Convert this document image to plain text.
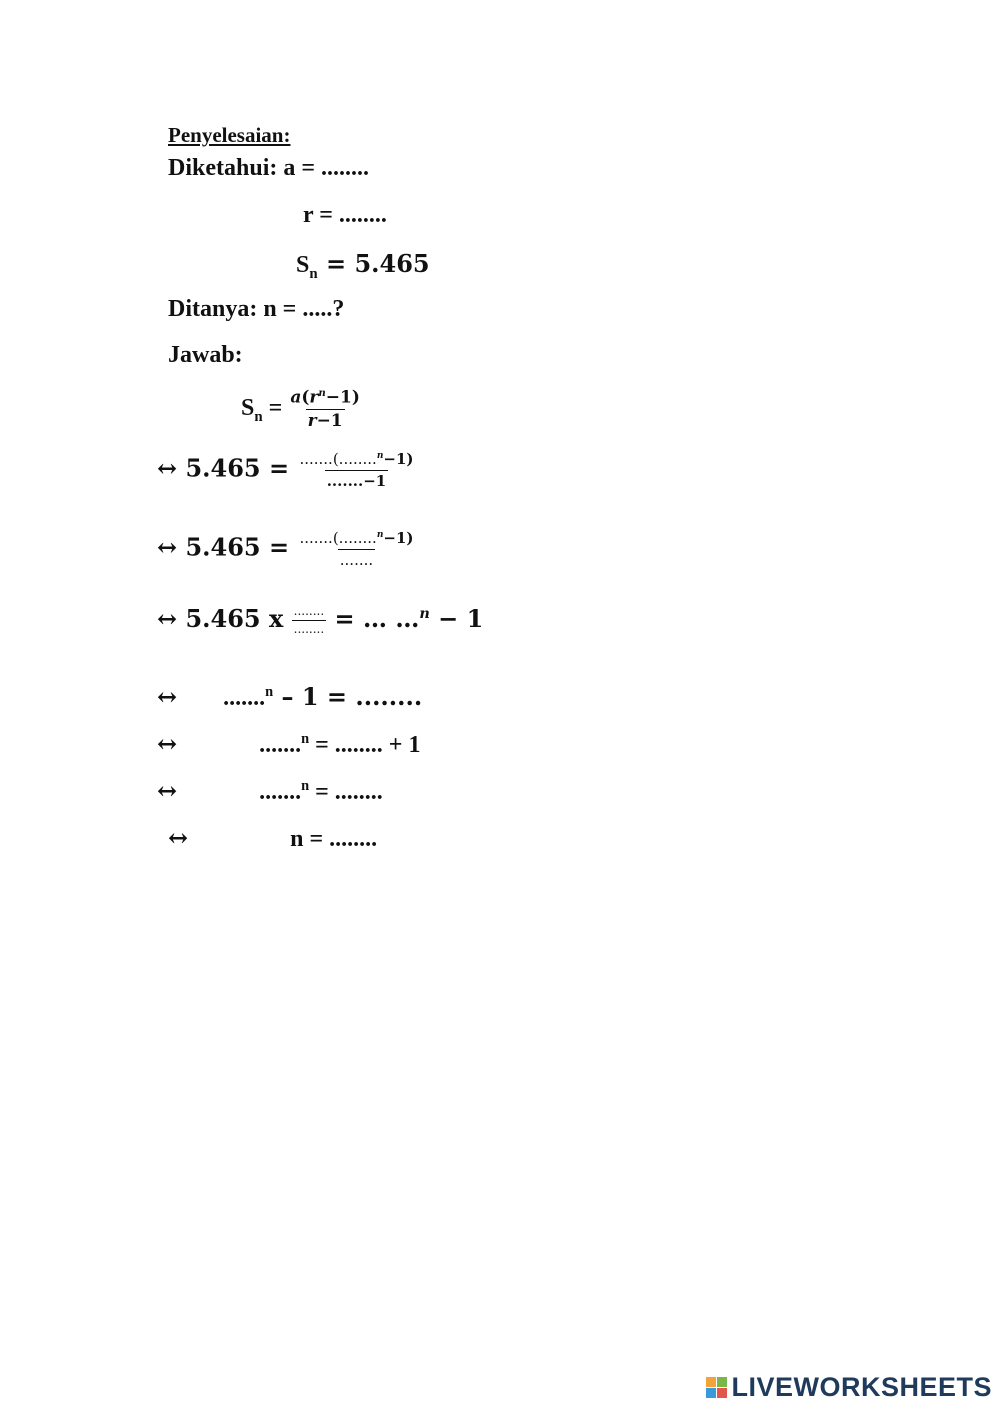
Penyelesaian:
Diketahui: a = ........
r = ........
$S_n = 5.465$
Ditanya: n = .....?
Jawab:
$S_n = \frac{a(r^n-1)}{r-1}$
↔ $5.465 = \frac{.......(........^n-1)}{.......-1}$
↔ $5.465 = \frac{.......(........^n-1)}{.......}$
↔ 5.465 x $\frac{........}{........}$ = … …$^n$ − 1
↔ .......$^n$ – 1 = ........
↔	.......$^n$ = ........ + 1
↔	.......$^n$ = ........
↔	n = ........
LIVEWORKSHEETS
